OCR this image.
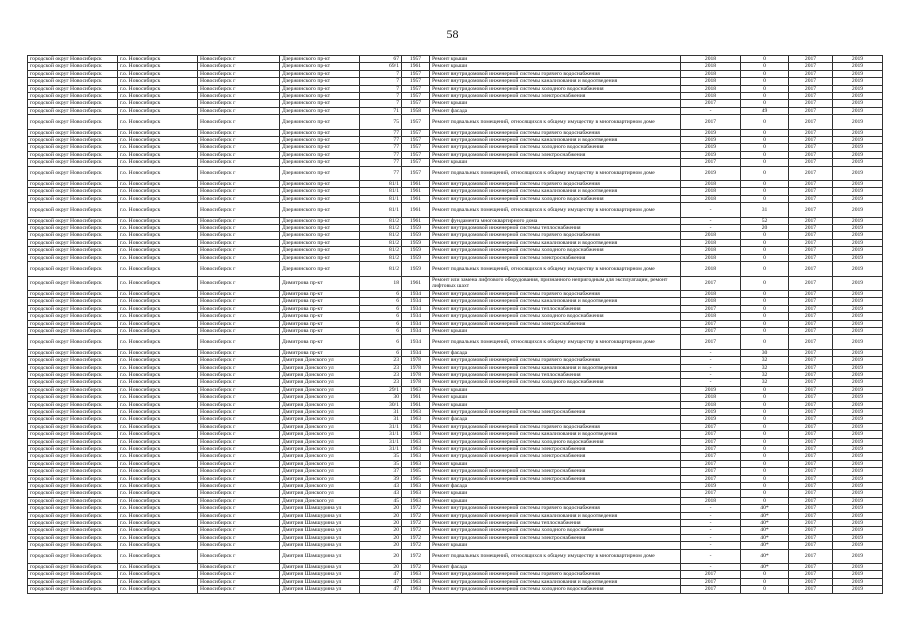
58
городской округ Новосибирск	г.о. Новосибирск	Новосибирск г	Дзержинского пр-кт	67	1957	Ремонт крыши	2018	0	2017	2019
городской округ Новосибирск	г.о. Новосибирск	Новосибирск г	Дзержинского пр-кт	69/1	1961	Ремонт крыши	2018	0	2017	2019
городской округ Новосибирск	г.о. Новосибирск	Новосибирск г	Дзержинского пр-кт	7	1957	Ремонт внутридомовой инженерной системы горячего водоснабжения	2018	0	2017	2019
городской округ Новосибирск	г.о. Новосибирск	Новосибирск г	Дзержинского пр-кт	7	1957	Ремонт внутридомовой инженерной системы канализования и водоотведения	2018	0	2017	2019
городской округ Новосибирск	г.о. Новосибирск	Новосибирск г	Дзержинского пр-кт	7	1957	Ремонт внутридомовой инженерной системы холодного водоснабжения	2018	0	2017	2019
городской округ Новосибирск	г.о. Новосибирск	Новосибирск г	Дзержинского пр-кт	7	1957	Ремонт внутридомовой инженерной системы электроснабжения	2018	0	2017	2019
городской округ Новосибирск	г.о. Новосибирск	Новосибирск г	Дзержинского пр-кт	7	1957	Ремонт крыши	2017	0	2017	2019
городской округ Новосибирск	г.о. Новосибирск	Новосибирск г	Дзержинского пр-кт	71	1958	Ремонт фасада	-	49	2017	2019
городской округ Новосибирск	г.о. Новосибирск	Новосибирск г	Дзержинского пр-кт	75	1957	Ремонт подвальных помещений, относящихся к общему имуществу в многоквартирном доме	2017	0	2017	2019
городской округ Новосибирск	г.о. Новосибирск	Новосибирск г	Дзержинского пр-кт	77	1957	Ремонт внутридомовой инженерной системы горячего водоснабжения	2019	0	2017	2019
городской округ Новосибирск	г.о. Новосибирск	Новосибирск г	Дзержинского пр-кт	77	1957	Ремонт внутридомовой инженерной системы канализования и водоотведения	2019	0	2017	2019
городской округ Новосибирск	г.о. Новосибирск	Новосибирск г	Дзержинского пр-кт	77	1957	Ремонт внутридомовой инженерной системы холодного водоснабжения	2019	0	2017	2019
городской округ Новосибирск	г.о. Новосибирск	Новосибирск г	Дзержинского пр-кт	77	1957	Ремонт внутридомовой инженерной системы электроснабжения	2019	0	2017	2019
городской округ Новосибирск	г.о. Новосибирск	Новосибирск г	Дзержинского пр-кт	77	1957	Ремонт крыши	2017	0	2017	2019
городской округ Новосибирск	г.о. Новосибирск	Новосибирск г	Дзержинского пр-кт	77	1957	Ремонт подвальных помещений, относящихся к общему имуществу в многоквартирном доме	2019	0	2017	2019
городской округ Новосибирск	г.о. Новосибирск	Новосибирск г	Дзержинского пр-кт	81/1	1961	Ремонт внутридомовой инженерной системы горячего водоснабжения	2018	0	2017	2019
городской округ Новосибирск	г.о. Новосибирск	Новосибирск г	Дзержинского пр-кт	81/1	1961	Ремонт внутридомовой инженерной системы канализования и водоотведения	2018	0	2017	2019
городской округ Новосибирск	г.о. Новосибирск	Новосибирск г	Дзержинского пр-кт	81/1	1961	Ремонт внутридомовой инженерной системы холодного водоснабжения	2018	0	2017	2019
городской округ Новосибирск	г.о. Новосибирск	Новосибирск г	Дзержинского пр-кт	81/1	1961	Ремонт подвальных помещений, относящихся к общему имуществу в многоквартирном доме	-	31	2017	2019
городской округ Новосибирск	г.о. Новосибирск	Новосибирск г	Дзержинского пр-кт	81/2	1961	Ремонт фундамента многоквартирного дома	-	52	2017	2019
городской округ Новосибирск	г.о. Новосибирск	Новосибирск г	Дзержинского пр-кт	81/2	1959	Ремонт внутридомовой инженерной системы теплоснабжения	-	20	2017	2019
городской округ Новосибирск	г.о. Новосибирск	Новосибирск г	Дзержинского пр-кт	81/2	1959	Ремонт внутридомовой инженерной системы горячего водоснабжения	2018	0	2017	2019
городской округ Новосибирск	г.о. Новосибирск	Новосибирск г	Дзержинского пр-кт	81/2	1959	Ремонт внутридомовой инженерной системы канализования и водоотведения	2018	0	2017	2019
городской округ Новосибирск	г.о. Новосибирск	Новосибирск г	Дзержинского пр-кт	81/2	1959	Ремонт внутридомовой инженерной системы холодного водоснабжения	2018	0	2017	2019
городской округ Новосибирск	г.о. Новосибирск	Новосибирск г	Дзержинского пр-кт	81/2	1959	Ремонт внутридомовой инженерной системы электроснабжения	2018	0	2017	2019
городской округ Новосибирск	г.о. Новосибирск	Новосибирск г	Дзержинского пр-кт	81/2	1959	Ремонт подвальных помещений, относящихся к общему имуществу в многоквартирном доме	2018	0	2017	2019
городской округ Новосибирск	г.о. Новосибирск	Новосибирск г	Димитрова пр-кт	18	1961	Ремонт или замена лифтового оборудования, признанного непригодным для эксплуатации, ремонт лифтовых шахт	2017	0	2017	2019
городской округ Новосибирск	г.о. Новосибирск	Новосибирск г	Димитрова пр-кт	6	1934	Ремонт внутридомовой инженерной системы горячего водоснабжения	2018	0	2017	2019
городской округ Новосибирск	г.о. Новосибирск	Новосибирск г	Димитрова пр-кт	6	1934	Ремонт внутридомовой инженерной системы канализования и водоотведения	2018	0	2017	2019
городской округ Новосибирск	г.о. Новосибирск	Новосибирск г	Димитрова пр-кт	6	1934	Ремонт внутридомовой инженерной системы теплоснабжения	2017	0	2017	2019
городской округ Новосибирск	г.о. Новосибирск	Новосибирск г	Димитрова пр-кт	6	1934	Ремонт внутридомовой инженерной системы холодного водоснабжения	2018	0	2017	2019
городской округ Новосибирск	г.о. Новосибирск	Новосибирск г	Димитрова пр-кт	6	1934	Ремонт внутридомовой инженерной системы электроснабжения	2017	0	2017	2019
городской округ Новосибирск	г.о. Новосибирск	Новосибирск г	Димитрова пр-кт	6	1934	Ремонт крыши	2017	0	2017	2019
городской округ Новосибирск	г.о. Новосибирск	Новосибирск г	Димитрова пр-кт	6	1934	Ремонт подвальных помещений, относящихся к общему имуществу в многоквартирном доме	2017	0	2017	2019
городской округ Новосибирск	г.о. Новосибирск	Новосибирск г	Димитрова пр-кт	6	1934	Ремонт фасада	-	30	2017	2019
городской округ Новосибирск	г.о. Новосибирск	Новосибирск г	Дмитрия Донского ул	23	1978	Ремонт внутридомовой инженерной системы горячего водоснабжения	-	32	2017	2019
городской округ Новосибирск	г.о. Новосибирск	Новосибирск г	Дмитрия Донского ул	23	1978	Ремонт внутридомовой инженерной системы канализования и водоотведения	-	32	2017	2019
городской округ Новосибирск	г.о. Новосибирск	Новосибирск г	Дмитрия Донского ул	23	1978	Ремонт внутридомовой инженерной системы теплоснабжения	-	32	2017	2019
городской округ Новосибирск	г.о. Новосибирск	Новосибирск г	Дмитрия Донского ул	23	1978	Ремонт внутридомовой инженерной системы холодного водоснабжения	-	32	2017	2019
городской округ Новосибирск	г.о. Новосибирск	Новосибирск г	Дмитрия Донского ул	29/1	1963	Ремонт крыши	2019	0	2017	2019
городской округ Новосибирск	г.о. Новосибирск	Новосибирск г	Дмитрия Донского ул	30	1961	Ремонт крыши	2018	0	2017	2019
городской округ Новосибирск	г.о. Новосибирск	Новосибирск г	Дмитрия Донского ул	30/1	1961	Ремонт крыши	2018	0	2017	2019
городской округ Новосибирск	г.о. Новосибирск	Новосибирск г	Дмитрия Донского ул	31	1963	Ремонт внутридомовой инженерной системы электроснабжения	2019	0	2017	2019
городской округ Новосибирск	г.о. Новосибирск	Новосибирск г	Дмитрия Донского ул	31	1963	Ремонт фасада	2019	0	2017	2019
городской округ Новосибирск	г.о. Новосибирск	Новосибирск г	Дмитрия Донского ул	31/1	1963	Ремонт внутридомовой инженерной системы горячего водоснабжения	2017	0	2017	2019
городской округ Новосибирск	г.о. Новосибирск	Новосибирск г	Дмитрия Донского ул	31/1	1963	Ремонт внутридомовой инженерной системы канализования и водоотведения	2017	0	2017	2019
городской округ Новосибирск	г.о. Новосибирск	Новосибирск г	Дмитрия Донского ул	31/1	1963	Ремонт внутридомовой инженерной системы холодного водоснабжения	2017	0	2017	2019
городской округ Новосибирск	г.о. Новосибирск	Новосибирск г	Дмитрия Донского ул	31/1	1963	Ремонт внутридомовой инженерной системы электроснабжения	2017	0	2017	2019
городской округ Новосибирск	г.о. Новосибирск	Новосибирск г	Дмитрия Донского ул	35	1963	Ремонт внутридомовой инженерной системы электроснабжения	2017	0	2017	2019
городской округ Новосибирск	г.о. Новосибирск	Новосибирск г	Дмитрия Донского ул	35	1963	Ремонт крыши	2017	0	2017	2019
городской округ Новосибирск	г.о. Новосибирск	Новосибирск г	Дмитрия Донского ул	37	1965	Ремонт внутридомовой инженерной системы электроснабжения	2017	0	2017	2019
городской округ Новосибирск	г.о. Новосибирск	Новосибирск г	Дмитрия Донского ул	39	1965	Ремонт внутридомовой инженерной системы электроснабжения	2017	0	2017	2019
городской округ Новосибирск	г.о. Новосибирск	Новосибирск г	Дмитрия Донского ул	43	1963	Ремонт фасада	2019	0	2017	2019
городской округ Новосибирск	г.о. Новосибирск	Новосибирск г	Дмитрия Донского ул	43	1963	Ремонт крыши	2017	0	2017	2019
городской округ Новосибирск	г.о. Новосибирск	Новосибирск г	Дмитрия Донского ул	45	1963	Ремонт крыши	2018	0	2017	2019
городской округ Новосибирск	г.о. Новосибирск	Новосибирск г	Дмитрия Шамшурина ул	20	1972	Ремонт внутридомовой инженерной системы горячего водоснабжения	-	40*	2017	2019
городской округ Новосибирск	г.о. Новосибирск	Новосибирск г	Дмитрия Шамшурина ул	20	1972	Ремонт внутридомовой инженерной системы канализования и водоотведения	-	40*	2017	2019
городской округ Новосибирск	г.о. Новосибирск	Новосибирск г	Дмитрия Шамшурина ул	20	1972	Ремонт внутридомовой инженерной системы теплоснабжения	-	40*	2017	2019
городской округ Новосибирск	г.о. Новосибирск	Новосибирск г	Дмитрия Шамшурина ул	20	1972	Ремонт внутридомовой инженерной системы холодного водоснабжения	-	40*	2017	2019
городской округ Новосибирск	г.о. Новосибирск	Новосибирск г	Дмитрия Шамшурина ул	20	1972	Ремонт внутридомовой инженерной системы электроснабжения	-	40*	2017	2019
городской округ Новосибирск	г.о. Новосибирск	Новосибирск г	Дмитрия Шамшурина ул	20	1972	Ремонт крыши	-	40*	2017	2019
городской округ Новосибирск	г.о. Новосибирск	Новосибирск г	Дмитрия Шамшурина ул	20	1972	Ремонт подвальных помещений, относящихся к общему имуществу в многоквартирном доме	-	40*	2017	2019
городской округ Новосибирск	г.о. Новосибирск	Новосибирск г	Дмитрия Шамшурина ул	20	1972	Ремонт фасада	-	40*	2017	2019
городской округ Новосибирск	г.о. Новосибирск	Новосибирск г	Дмитрия Шамшурина ул	47	1963	Ремонт внутридомовой инженерной системы горячего водоснабжения	2017	0	2017	2019
городской округ Новосибирск	г.о. Новосибирск	Новосибирск г	Дмитрия Шамшурина ул	47	1963	Ремонт внутридомовой инженерной системы канализования и водоотведения	2017	0	2017	2019
городской округ Новосибирск	г.о. Новосибирск	Новосибирск г	Дмитрия Шамшурина ул	47	1963	Ремонт внутридомовой инженерной системы холодного водоснабжения	2017	0	2017	2019
